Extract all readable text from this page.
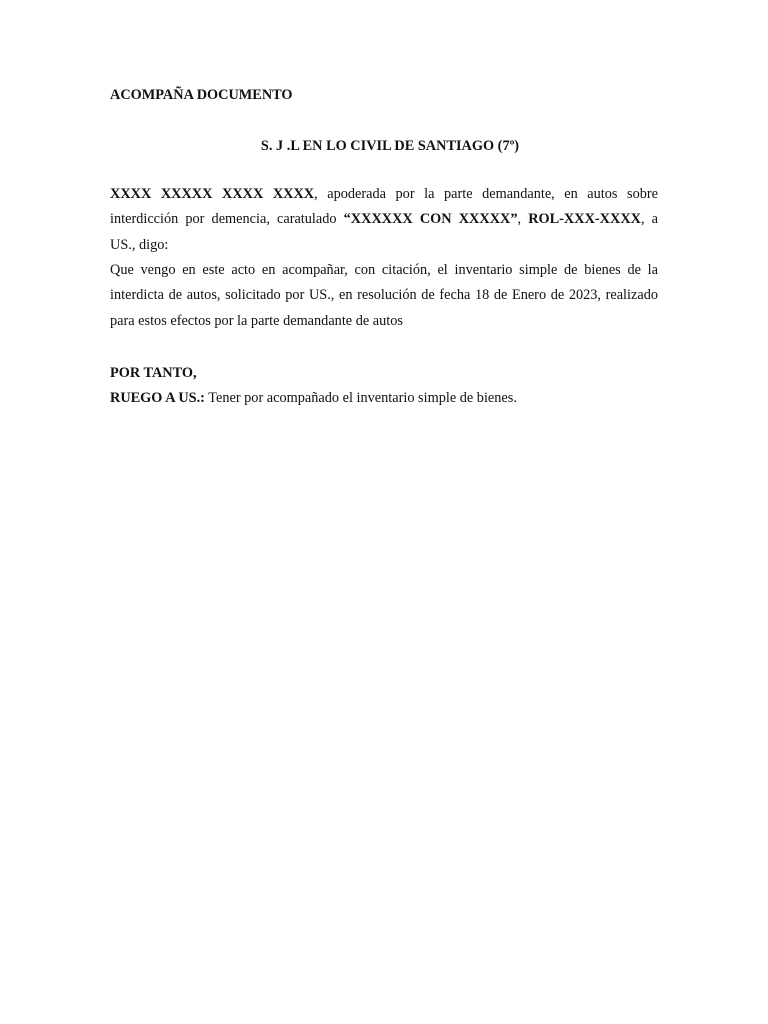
ACOMPAÑA DOCUMENTO
S. J .L EN LO CIVIL DE SANTIAGO (7º)

XXXX XXXXX XXXX XXXX, apoderada por la parte demandante, en autos sobre interdicción por demencia, caratulado “XXXXXX CON XXXXX”, ROL-XXX-XXXX, a US., digo:

Que vengo en este acto en acompañar, con citación, el inventario simple de bienes de la interdicta de autos, solicitado por US., en resolución de fecha 18 de Enero de 2023, realizado para estos efectos por la parte demandante de autos

POR TANTO,
RUEGO A US.: Tener por acompañado el inventario simple de bienes.
